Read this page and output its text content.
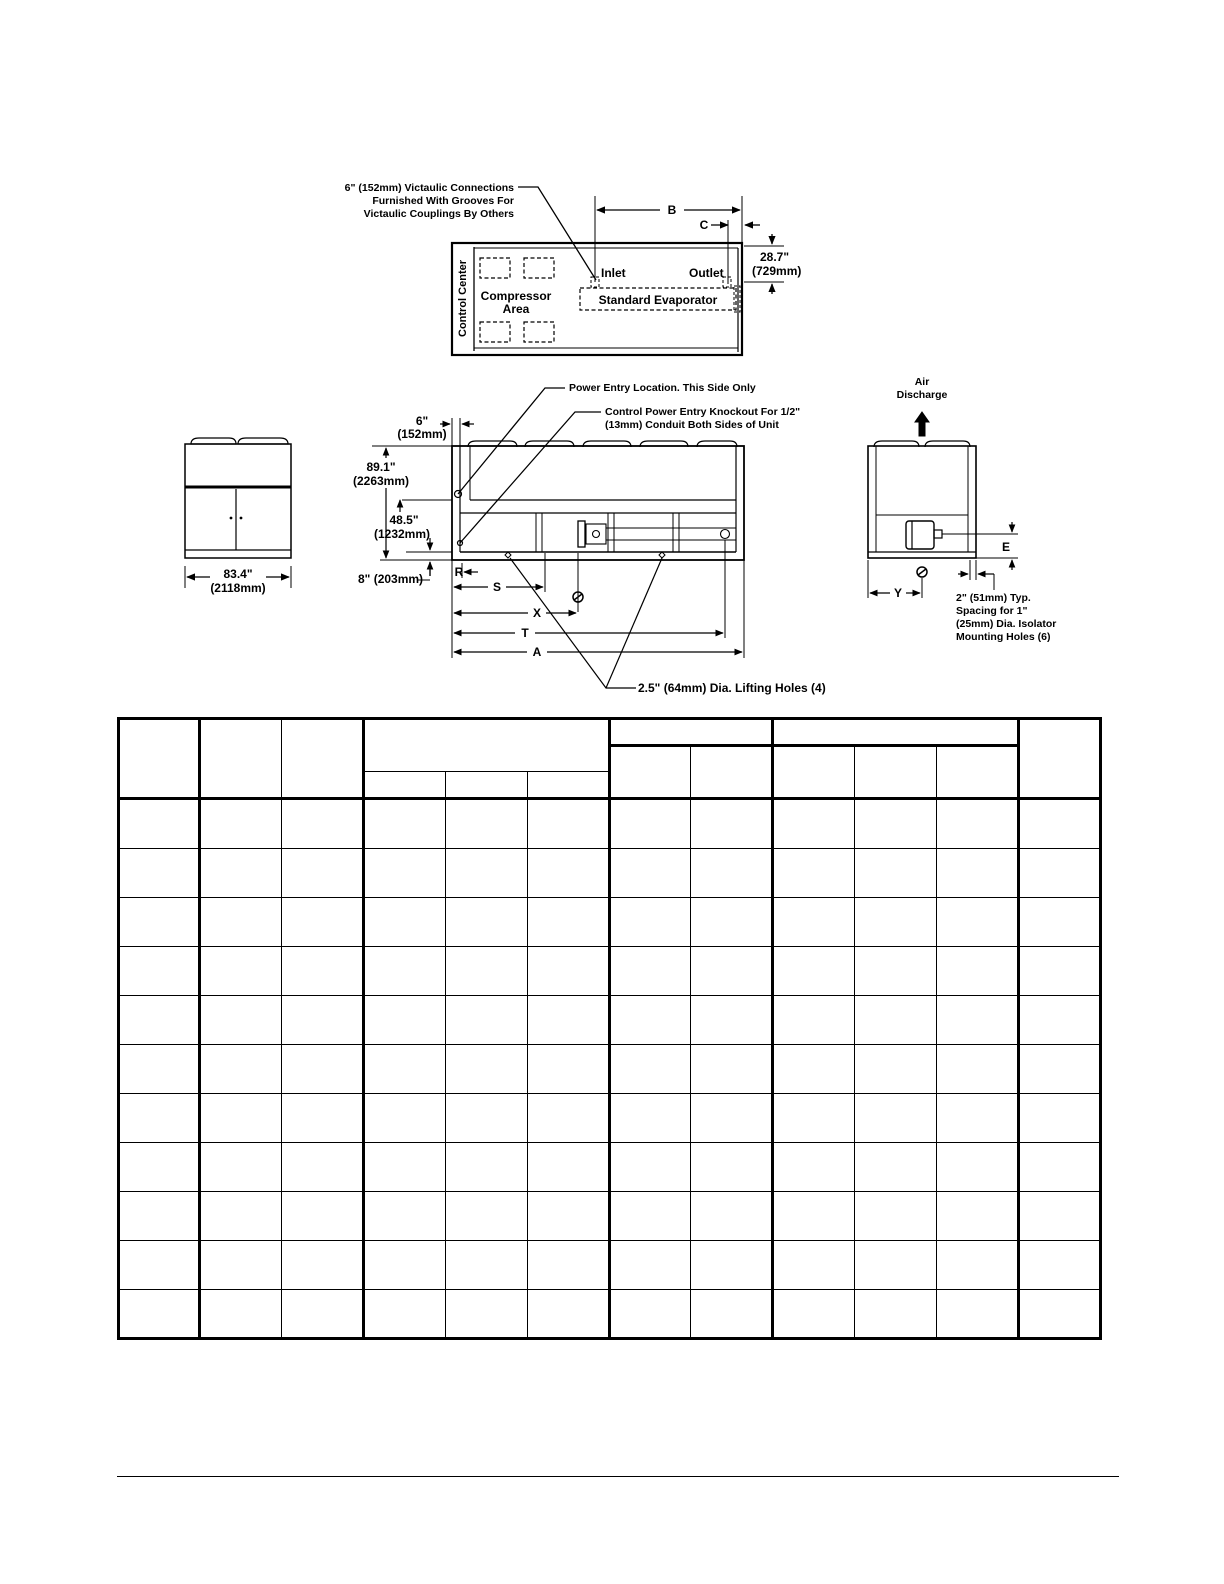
6" (152mm) Victaulic Connections
Furnished With Grooves For
Victaulic Couplings By Others	B
C
28.7"
(729mm)
Control Center Compressor
Area
Standard Evaporator
Inlet	Outlet
83.4"
(2118mm)
Power Entry Location. This Side Only
Control Power Entry Knockout For 1/2"
(13mm) Conduit Both Sides of Unit
6"
(152mm)
89.1"
(2263mm)
48.5"
(1232mm)
8" (203mm)	R
S
X
T
A
2.5" (64mm) Dia. Lifting Holes (4)
Air
Discharge
E
Y	2" (51mm) Typ.
Spacing for 1"
(25mm) Dia. Isolator
Mounting Holes (6)
